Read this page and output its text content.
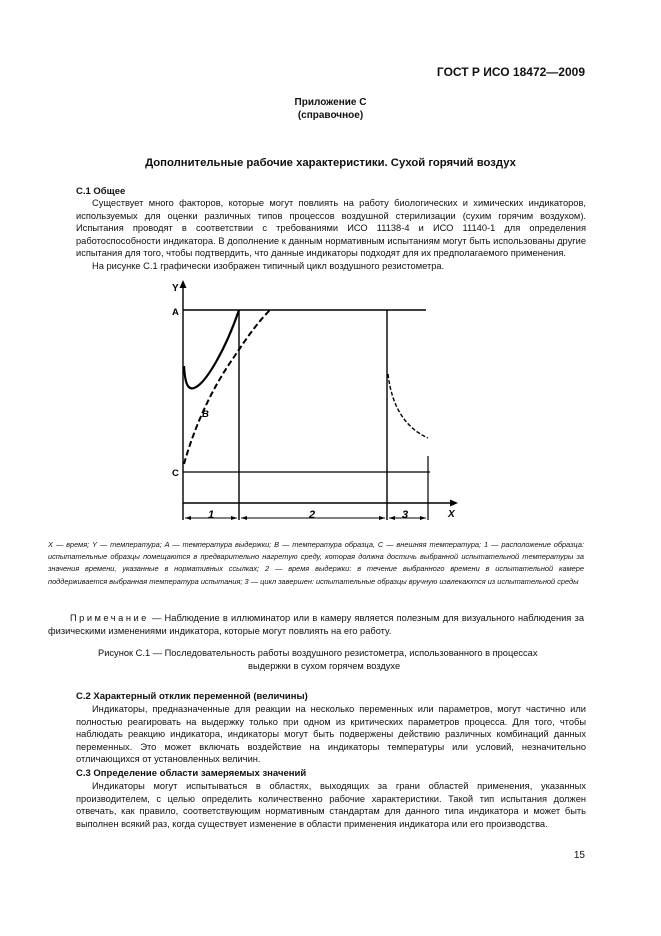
ГОСТ Р ИСО 18472—2009
Приложение С
(справочное)
Дополнительные рабочие характеристики. Сухой горячий воздух
С.1 Общее

Существует много факторов, которые могут повлиять на работу биологических и химических индикаторов, используемых для оценки различных типов процессов воздушной стерилизации (сухим горячим воздухом). Испытания проводят в соответствии с требованиями ИСО 11138-4 и ИСО 11140-1 для определения работоспособности индикатора. В дополнение к данным нормативным испытаниям могут быть использованы другие испытания для того, чтобы подтвердить, что данные индикаторы подходят для их предполагаемого применения.

На рисунке С.1 графически изображен типичный цикл воздушного резистометра.

Y
X
A
C
1	2	3
B

X — время; Y — температура; A — температура выдержки; B — температура образца, C — внешняя температура; 1 — расположение образца: испытательные образцы помещаются в предварительно нагретую среду, которая должна достичь выбранной испытательной температуры за значения времени, указанные в нормативных ссылках; 2 — время выдержки: в течение выбранного времени в испытательной камере поддерживается выбранная температура испытания; 3 — цикл завершен: испытательные образцы вручную извлекаются из испытательной среды

Примечание — Наблюдение в иллюминатор или в камеру является полезным для визуального наблюдения за физическими изменениями индикатора, которые могут повлиять на его работу.
Рисунок С.1 — Последовательность работы воздушного резистометра, использованного в процессах
выдержки в сухом горячем воздухе
С.2 Характерный отклик переменной (величины)

Индикаторы, предназначенные для реакции на несколько переменных или параметров, могут частично или полностью реагировать на выдержку только при одном из критических параметров процесса. Для того, чтобы наблюдать реакцию индикатора, индикаторы могут быть подвержены действию различных комбинаций данных переменных. Это может включать воздействие на индикаторы температуры или условий, незначительно отличающихся от установленных величин.

С.3 Определение области замеряемых значений

Индикаторы могут испытываться в областях, выходящих за грани областей применения, указанных производителем, с целью определить количественно рабочие характеристики. Такой тип испытания должен отвечать, как правило, соответствующим нормативным стандартам для данного типа индикатора и может быть выполнен всякий раз, когда существует изменение в области применения индикатора или его производства.

15
